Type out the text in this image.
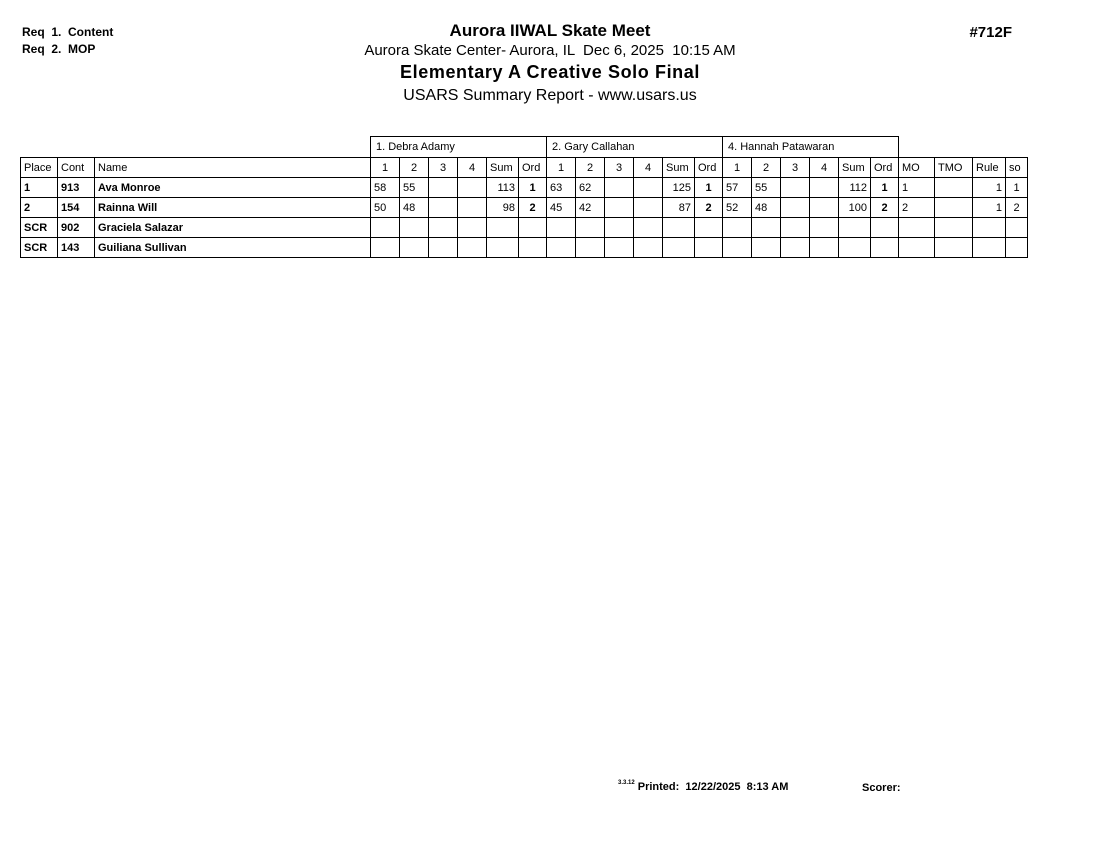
Req  1.  Content
Req  2.  MOP
Aurora IIWAL Skate Meet
Aurora Skate Center- Aurora, IL  Dec 6, 2025  10:15 AM
Elementary A Creative Solo Final
USARS Summary Report - www.usars.us
#712F
			1. Debra Adamy						2. Gary Callahan						4. Hannah Patawaran									
Place	Cont	Name	1	2	3	4	Sum	Ord	1	2	3	4	Sum	Ord	1	2	3	4	Sum	Ord	MO	TMO	Rule	so
1	913	Ava Monroe	58	55			113	1	63	62			125	1	57	55			112	1	1		1	1
2	154	Rainna Will	50	48			98	2	45	42			87	2	52	48			100	2	2		1	2
SCR	902	Graciela Salazar																						
SCR	143	Guiliana Sullivan																						
$^{3.3.12}$ Printed:  12/22/2025  8:13 AM	Scorer:
